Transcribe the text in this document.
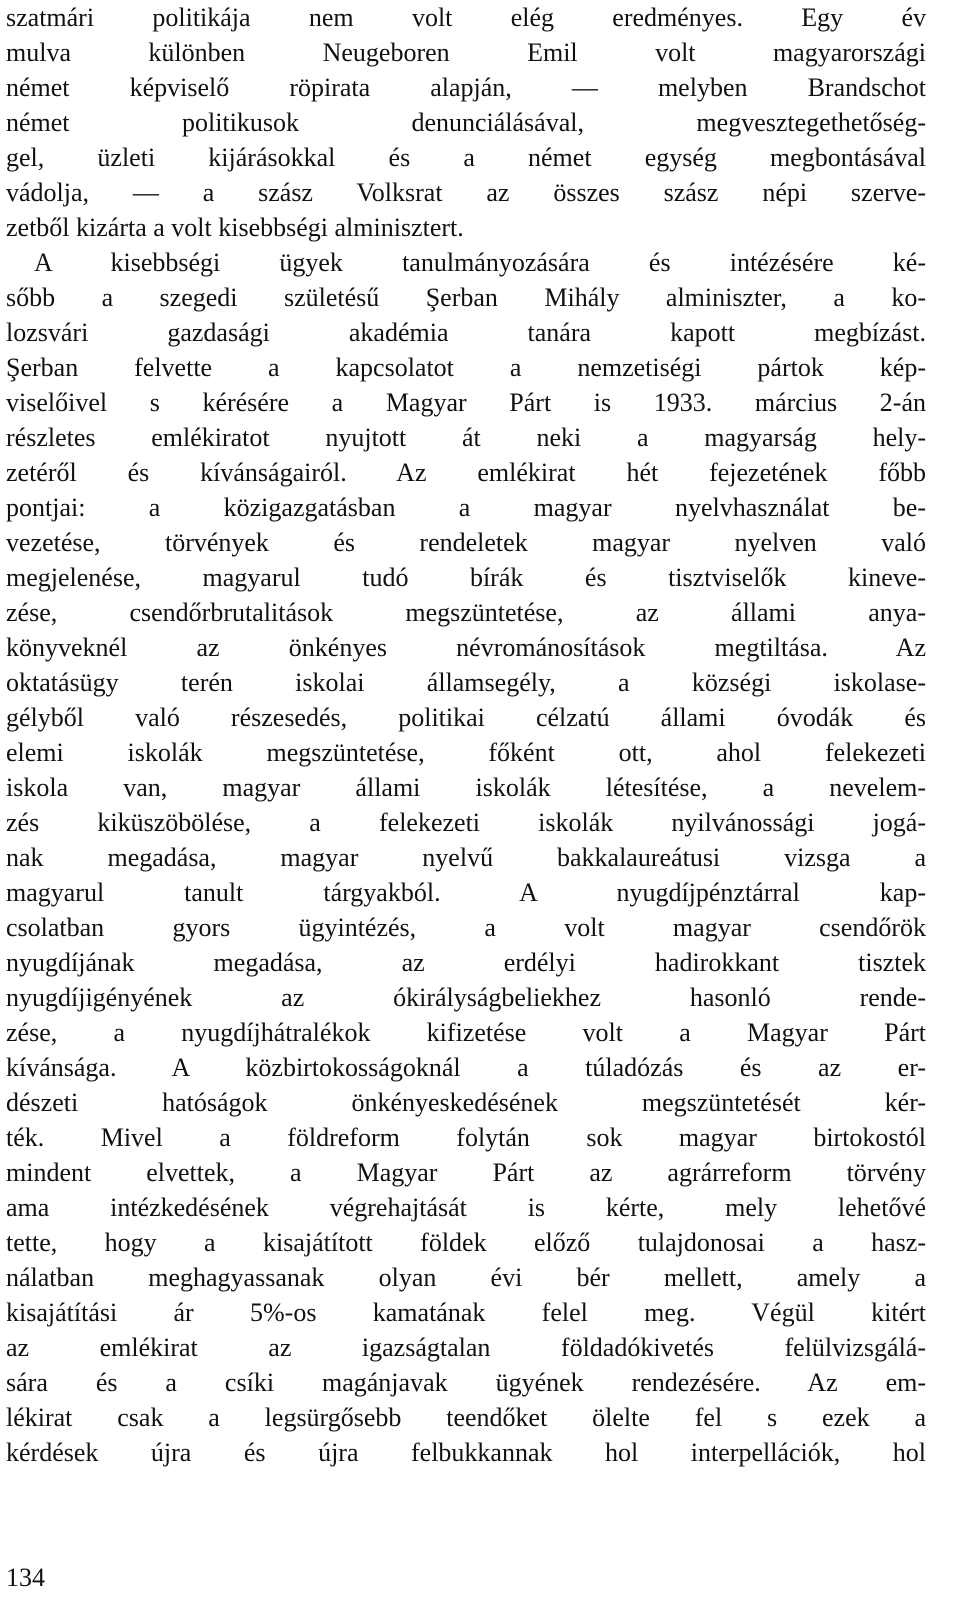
szatmári politikája nem volt elég eredményes. Egy év
mulva különben Neugeboren Emil volt magyarországi
német képviselő röpirata alapján, — melyben Brandschot
német politikusok denunciálásával, megvesztegethetőség-
gel, üzleti kijárásokkal és a német egység megbontásával
vádolja, — a szász Volksrat az összes szász népi szerve-
zetből kizárta a volt kisebbségi alminisztert.
A kisebbségi ügyek tanulmányozására és intézésére ké-
sőbb a szegedi születésű Şerban Mihály alminiszter, a ko-
lozsvári gazdasági akadémia tanára kapott megbízást.
Şerban felvette a kapcsolatot a nemzetiségi pártok kép-
viselőivel s kérésére a Magyar Párt is 1933. március 2-án
részletes emlékiratot nyujtott át neki a magyarság hely-
zetéről és kívánságairól. Az emlékirat hét fejezetének főbb
pontjai: a közigazgatásban a magyar nyelvhasználat be-
vezetése, törvények és rendeletek magyar nyelven való
megjelenése, magyarul tudó bírák és tisztviselők kineve-
zése, csendőrbrutalitások megszüntetése, az állami anya-
könyveknél az önkényes névrománosítások megtiltása. Az
oktatásügy terén iskolai államsegély, a községi iskolase-
gélyből való részesedés, politikai célzatú állami óvodák és
elemi iskolák megszüntetése, főként ott, ahol felekezeti
iskola van, magyar állami iskolák létesítése, a nevelem-
zés kiküszöbölése, a felekezeti iskolák nyilvánossági jogá-
nak megadása, magyar nyelvű bakkalaureátusi vizsga a
magyarul tanult tárgyakból. A nyugdíjpénztárral kap-
csolatban gyors ügyintézés, a volt magyar csendőrök
nyugdíjának megadása, az erdélyi hadirokkant tisztek
nyugdíjigényének az ókirályságbeliekhez hasonló rende-
zése, a nyugdíjhátralékok kifizetése volt a Magyar Párt
kívánsága. A közbirtokosságoknál a túladózás és az er-
dészeti hatóságok önkényeskedésének megszüntetését kér-
ték. Mivel a földreform folytán sok magyar birtokostól
mindent elvettek, a Magyar Párt az agrárreform törvény
ama intézkedésének végrehajtását is kérte, mely lehetővé
tette, hogy a kisajátított földek előző tulajdonosai a hasz-
nálatban meghagyassanak olyan évi bér mellett, amely a
kisajátítási ár 5%-os kamatának felel meg. Végül kitért
az emlékirat az igazságtalan földadókivetés felülvizsgálá-
sára és a csíki magánjavak ügyének rendezésére. Az em-
lékirat csak a legsürgősebb teendőket ölelte fel s ezek a
kérdések újra és újra felbukkannak hol interpellációk, hol
134
